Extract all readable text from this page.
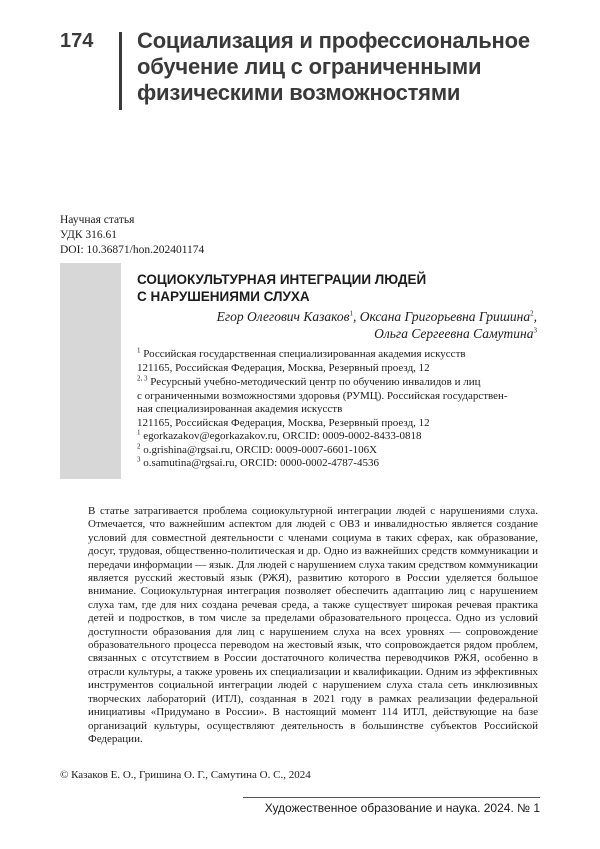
174 Социализация и профессиональное
обучение лиц с ограниченными
физическими возможностями
Научная статья
УДК 316.61
DOI: 10.36871/hon.202401174
СОЦИОКУЛЬТУРНАЯ ИНТЕГРАЦИИ ЛЮДЕЙ
С НАРУШЕНИЯМИ СЛУХА
Егор Олегович Казаков$^1$, Оксана Григорьевна Гришина$^2$,
Ольга Сергеевна Самутина$^3$

$^1$ Российская государственная специализированная академия искусств

121165, Российская Федерация, Москва, Резервный проезд, 12

$^{2, 3}$ Ресурсный учебно-методический центр по обучению инвалидов и лиц

с ограниченными возможностями здоровья (РУМЦ). Российская государствен-

ная специализированная академия искусств

121165, Российская Федерация, Москва, Резервный проезд, 12

$^1$ egorkazakov@egorkazakov.ru, ORCID: 0009-0002-8433-0818

$^2$ o.grishina@rgsai.ru, ORCID: 0009-0007-6601-106X

$^3$ o.samutina@rgsai.ru, ORCID: 0000-0002-4787-4536

В статье затрагивается проблема социокультурной интеграции людей с нарушениями слуха. Отмечается, что важнейшим аспектом для людей с ОВЗ и инвалидностью является создание условий для совместной деятельности с членами социума в таких сферах, как образование, досуг, трудовая, общественно-политическая и др. Одно из важнейших средств коммуникации и передачи информации — язык. Для людей с нарушением слуха таким средством коммуникации является русский жестовый язык (РЖЯ), развитию которого в России уделяется большое внимание. Социокультурная интеграция позволяет обеспечить адаптацию лиц с нарушением слуха там, где для них создана речевая среда, а также существует широкая речевая практика детей и подростков, в том числе за пределами образовательного процесса. Одно из условий доступности образования для лиц с нарушением слуха на всех уровнях — сопровождение образовательного процесса переводом на жестовый язык, что сопровождается рядом проблем, связанных с отсутствием в России достаточного количества переводчиков РЖЯ, особенно в отрасли культуры, а также уровень их специализации и квалификации. Одним из эффективных инструментов социальной интеграции людей с нарушением слуха стала сеть инклюзивных творческих лабораторий (ИТЛ), созданная в 2021 году в рамках реализации федеральной инициативы «Придумано в России». В настоящий момент 114 ИТЛ, действующие на базе организаций культуры, осуществляют деятельность в большинстве субъектов Российской Федерации.

© Казаков Е. О., Гришина О. Г., Самутина О. С., 2024
Художественное образование и наука. 2024. № 1
